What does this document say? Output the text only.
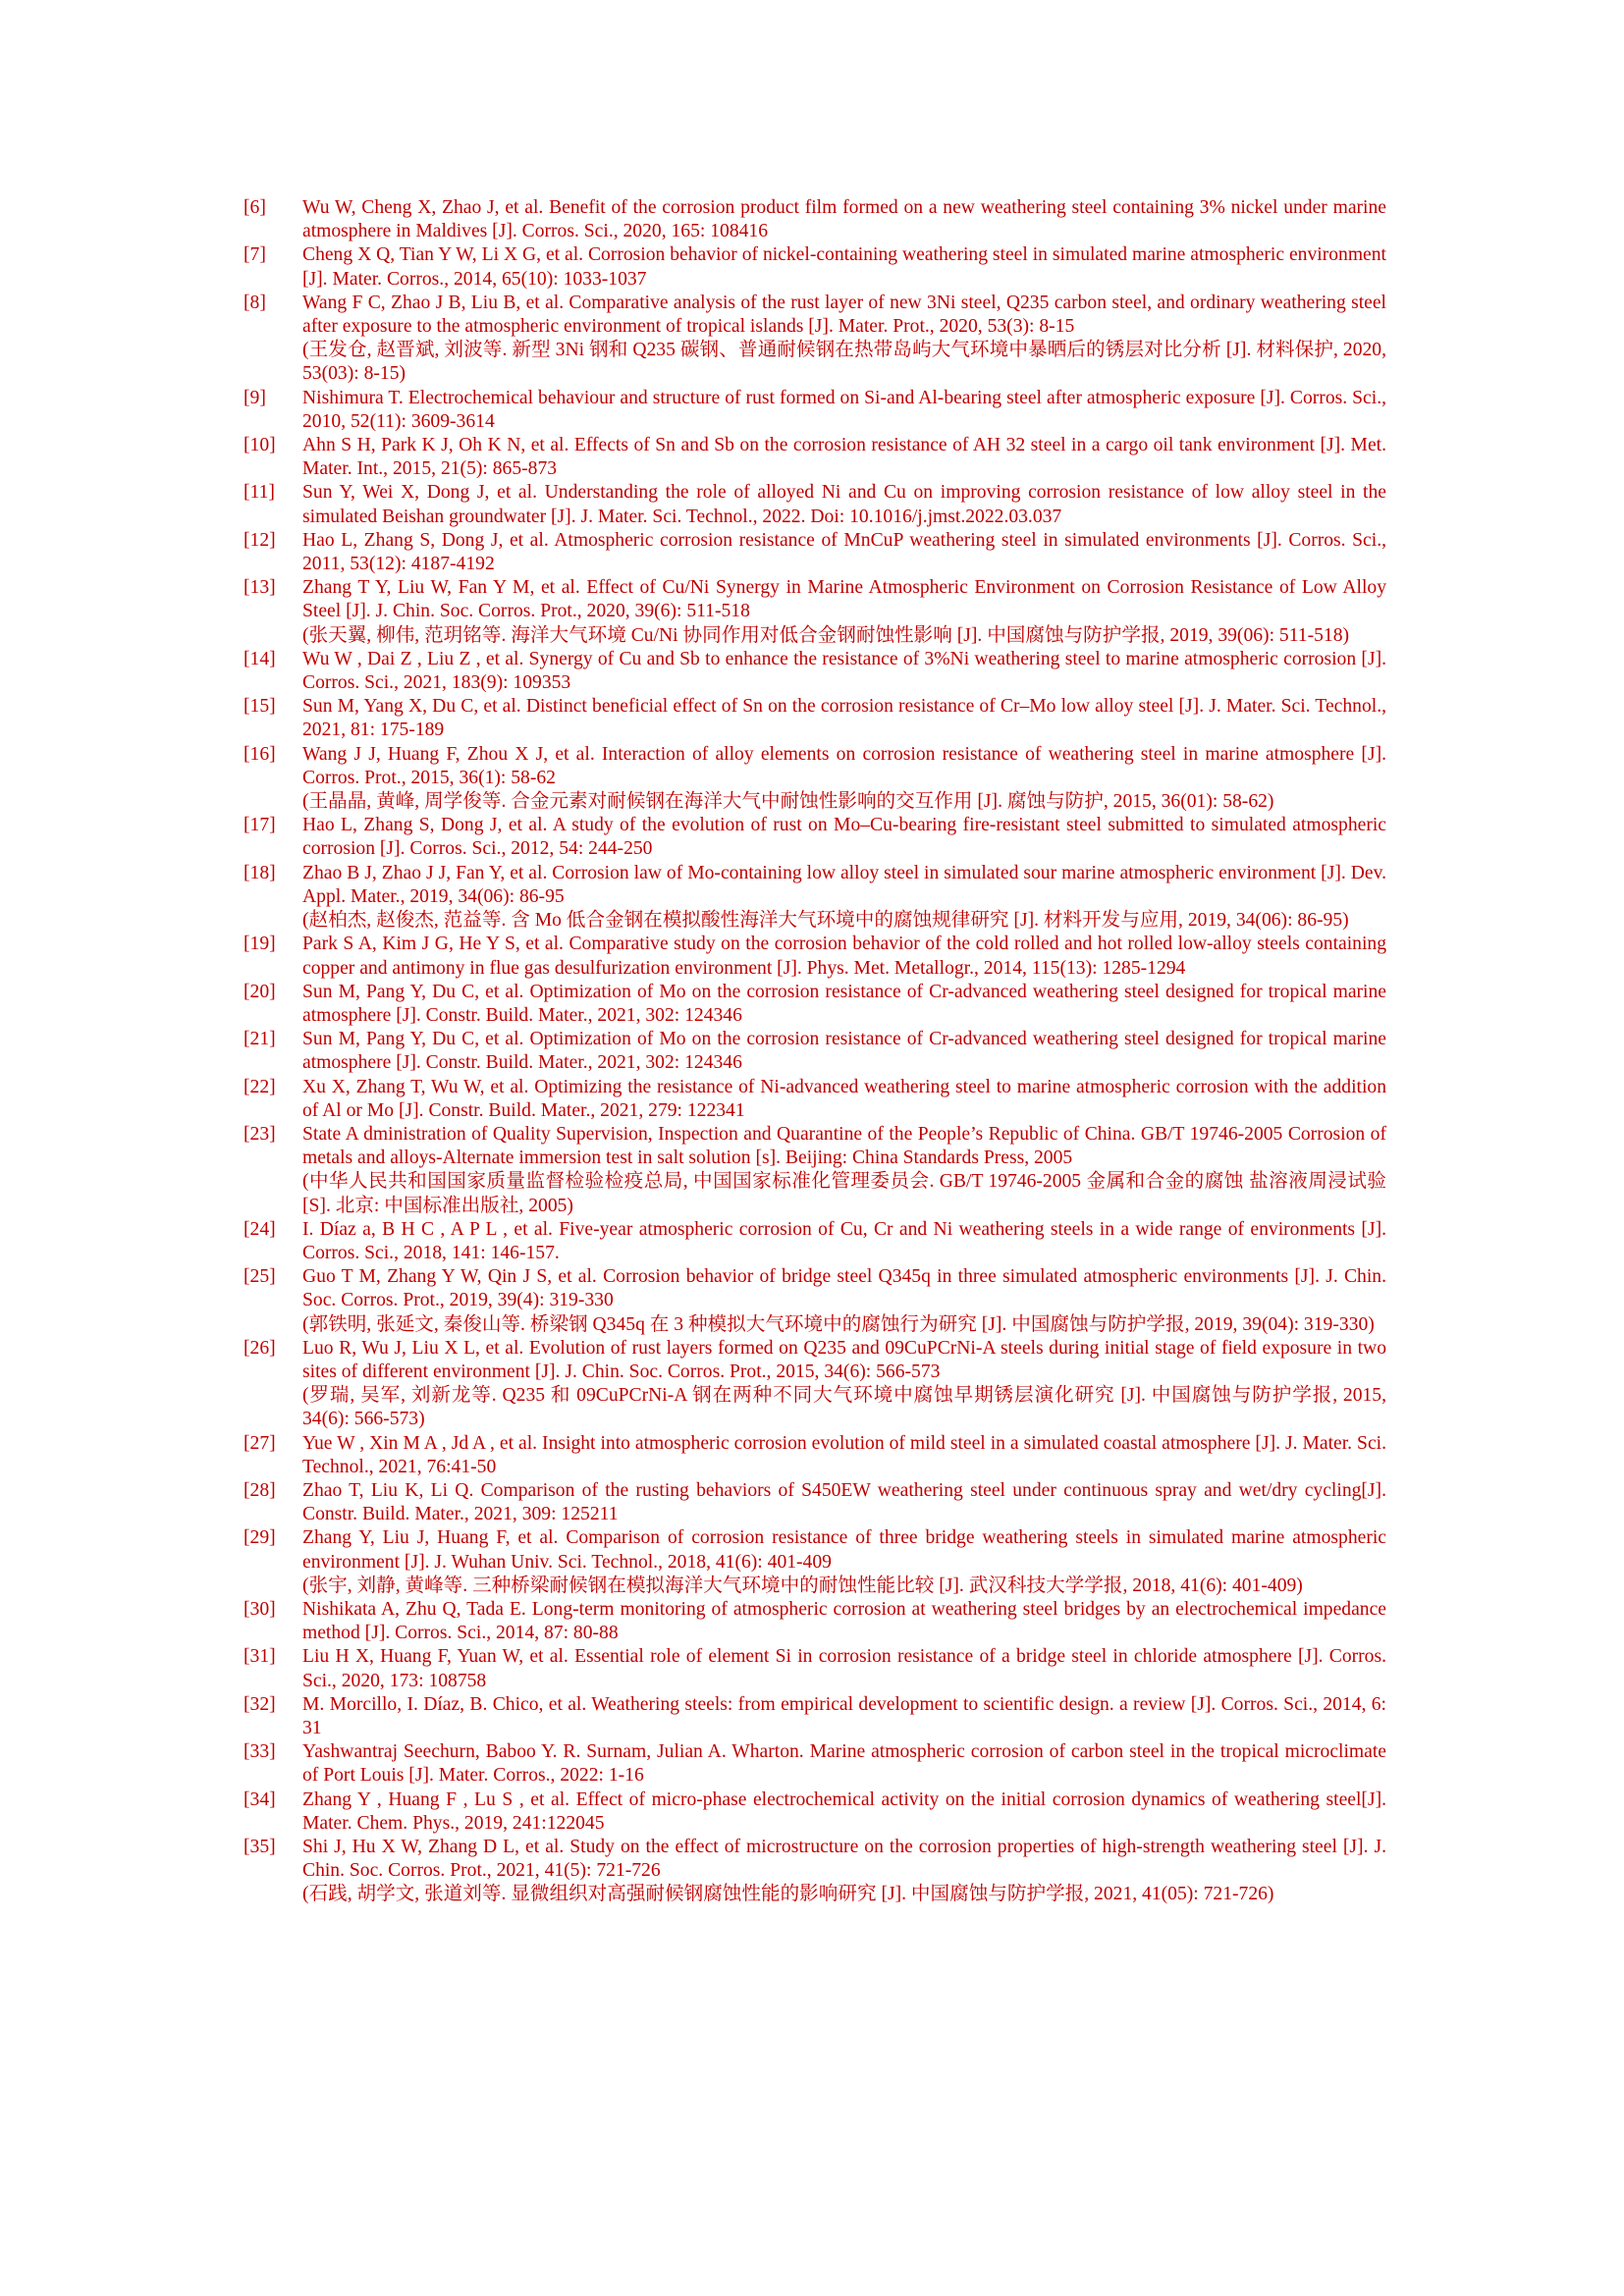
[6]	Wu W, Cheng X, Zhao J, et al. Benefit of the corrosion product film formed on a new weathering steel containing 3% nickel under marine atmosphere in Maldives [J]. Corros. Sci., 2020, 165: 108416
[7]	Cheng X Q, Tian Y W, Li X G, et al. Corrosion behavior of nickel-containing weathering steel in simulated marine atmospheric environment [J]. Mater. Corros., 2014, 65(10): 1033-1037
[8]	Wang F C, Zhao J B, Liu B, et al. Comparative analysis of the rust layer of new 3Ni steel, Q235 carbon steel, and ordinary weathering steel after exposure to the atmospheric environment of tropical islands [J]. Mater. Prot., 2020, 53(3): 8-15
(王发仓, 赵晋斌, 刘波等. 新型 3Ni 钢和 Q235 碳钢、普通耐候钢在热带岛屿大气环境中暴晒后的锈层对比分析 [J]. 材料保护, 2020, 53(03): 8-15)
[9]	Nishimura T. Electrochemical behaviour and structure of rust formed on Si-and Al-bearing steel after atmospheric exposure [J]. Corros. Sci., 2010, 52(11): 3609-3614
[10]	Ahn S H, Park K J, Oh K N, et al. Effects of Sn and Sb on the corrosion resistance of AH 32 steel in a cargo oil tank environment [J]. Met. Mater. Int., 2015, 21(5): 865-873
[11]	Sun Y, Wei X, Dong J, et al. Understanding the role of alloyed Ni and Cu on improving corrosion resistance of low alloy steel in the simulated Beishan groundwater [J]. J. Mater. Sci. Technol., 2022. Doi: 10.1016/j.jmst.2022.03.037
[12]	Hao L, Zhang S, Dong J, et al. Atmospheric corrosion resistance of MnCuP weathering steel in simulated environments [J]. Corros. Sci., 2011, 53(12): 4187-4192
[13]	Zhang T Y, Liu W, Fan Y M, et al. Effect of Cu/Ni Synergy in Marine Atmospheric Environment on Corrosion Resistance of Low Alloy Steel [J]. J. Chin. Soc. Corros. Prot., 2020, 39(6): 511-518
(张天翼, 柳伟, 范玥铭等. 海洋大气环境 Cu/Ni 协同作用对低合金钢耐蚀性影响 [J]. 中国腐蚀与防护学报, 2019, 39(06): 511-518)
[14]	Wu W , Dai Z , Liu Z , et al. Synergy of Cu and Sb to enhance the resistance of 3%Ni weathering steel to marine atmospheric corrosion [J]. Corros. Sci., 2021, 183(9): 109353
[15]	Sun M, Yang X, Du C, et al. Distinct beneficial effect of Sn on the corrosion resistance of Cr–Mo low alloy steel [J]. J. Mater. Sci. Technol., 2021, 81: 175-189
[16]	Wang J J, Huang F, Zhou X J, et al. Interaction of alloy elements on corrosion resistance of weathering steel in marine atmosphere [J]. Corros. Prot., 2015, 36(1): 58-62
(王晶晶, 黄峰, 周学俊等. 合金元素对耐候钢在海洋大气中耐蚀性影响的交互作用 [J]. 腐蚀与防护, 2015, 36(01): 58-62)
[17]	Hao L, Zhang S, Dong J, et al. A study of the evolution of rust on Mo–Cu-bearing fire-resistant steel submitted to simulated atmospheric corrosion [J]. Corros. Sci., 2012, 54: 244-250
[18]	Zhao B J, Zhao J J, Fan Y, et al. Corrosion law of Mo-containing low alloy steel in simulated sour marine atmospheric environment [J]. Dev. Appl. Mater., 2019, 34(06): 86-95
(赵柏杰, 赵俊杰, 范益等. 含 Mo 低合金钢在模拟酸性海洋大气环境中的腐蚀规律研究 [J]. 材料开发与应用, 2019, 34(06): 86-95)
[19]	Park S A, Kim J G, He Y S, et al. Comparative study on the corrosion behavior of the cold rolled and hot rolled low-alloy steels containing copper and antimony in flue gas desulfurization environment [J]. Phys. Met. Metallogr., 2014, 115(13): 1285-1294
[20]	Sun M, Pang Y, Du C, et al. Optimization of Mo on the corrosion resistance of Cr-advanced weathering steel designed for tropical marine atmosphere [J]. Constr. Build. Mater., 2021, 302: 124346
[21]	Sun M, Pang Y, Du C, et al. Optimization of Mo on the corrosion resistance of Cr-advanced weathering steel designed for tropical marine atmosphere [J]. Constr. Build. Mater., 2021, 302: 124346
[22]	Xu X, Zhang T, Wu W, et al. Optimizing the resistance of Ni-advanced weathering steel to marine atmospheric corrosion with the addition of Al or Mo [J]. Constr. Build. Mater., 2021, 279: 122341
[23]	State A dministration of Quality Supervision, Inspection and Quarantine of the People’s Republic of China. GB/T 19746-2005 Corrosion of metals and alloys-Alternate immersion test in salt solution [s]. Beijing: China Standards Press, 2005
(中华人民共和国国家质量监督检验检疫总局, 中国国家标准化管理委员会. GB/T 19746-2005 金属和合金的腐蚀 盐溶液周浸试验 [S]. 北京: 中国标准出版社, 2005)
[24]	I. Díaz a, B H C , A P L , et al. Five-year atmospheric corrosion of Cu, Cr and Ni weathering steels in a wide range of environments [J]. Corros. Sci., 2018, 141: 146-157.
[25]	Guo T M, Zhang Y W, Qin J S, et al. Corrosion behavior of bridge steel Q345q in three simulated atmospheric environments [J]. J. Chin. Soc. Corros. Prot., 2019, 39(4): 319-330
(郭铁明, 张延文, 秦俊山等. 桥梁钢 Q345q 在 3 种模拟大气环境中的腐蚀行为研究 [J]. 中国腐蚀与防护学报, 2019, 39(04): 319-330)
[26]	Luo R, Wu J, Liu X L, et al. Evolution of rust layers formed on Q235 and 09CuPCrNi-A steels during initial stage of field exposure in two sites of different environment [J]. J. Chin. Soc. Corros. Prot., 2015, 34(6): 566-573
(罗瑞, 吴军, 刘新龙等. Q235 和 09CuPCrNi-A 钢在两种不同大气环境中腐蚀早期锈层演化研究 [J]. 中国腐蚀与防护学报, 2015, 34(6): 566-573)
[27]	Yue W , Xin M A , Jd A , et al. Insight into atmospheric corrosion evolution of mild steel in a simulated coastal atmosphere [J]. J. Mater. Sci. Technol., 2021, 76:41-50
[28]	Zhao T, Liu K, Li Q. Comparison of the rusting behaviors of S450EW weathering steel under continuous spray and wet/dry cycling[J]. Constr. Build. Mater., 2021, 309: 125211
[29]	Zhang Y, Liu J, Huang F, et al. Comparison of corrosion resistance of three bridge weathering steels in simulated marine atmospheric environment [J]. J. Wuhan Univ. Sci. Technol., 2018, 41(6): 401-409
(张宇, 刘静, 黄峰等. 三种桥梁耐候钢在模拟海洋大气环境中的耐蚀性能比较 [J]. 武汉科技大学学报, 2018, 41(6): 401-409)
[30]	Nishikata A, Zhu Q, Tada E. Long-term monitoring of atmospheric corrosion at weathering steel bridges by an electrochemical impedance method [J]. Corros. Sci., 2014, 87: 80-88
[31]	Liu H X, Huang F, Yuan W, et al. Essential role of element Si in corrosion resistance of a bridge steel in chloride atmosphere [J]. Corros. Sci., 2020, 173: 108758
[32]	M. Morcillo, I. Díaz, B. Chico, et al. Weathering steels: from empirical development to scientific design. a review [J]. Corros. Sci., 2014, 6: 31
[33]	Yashwantraj Seechurn, Baboo Y. R. Surnam, Julian A. Wharton. Marine atmospheric corrosion of carbon steel in the tropical microclimate of Port Louis [J]. Mater. Corros., 2022: 1-16
[34]	Zhang Y , Huang F , Lu S , et al. Effect of micro-phase electrochemical activity on the initial corrosion dynamics of weathering steel[J]. Mater. Chem. Phys., 2019, 241:122045
[35]	Shi J, Hu X W, Zhang D L, et al. Study on the effect of microstructure on the corrosion properties of high-strength weathering steel [J]. J. Chin. Soc. Corros. Prot., 2021, 41(5): 721-726
(石践, 胡学文, 张道刘等. 显微组织对高强耐候钢腐蚀性能的影响研究 [J]. 中国腐蚀与防护学报, 2021, 41(05): 721-726)
